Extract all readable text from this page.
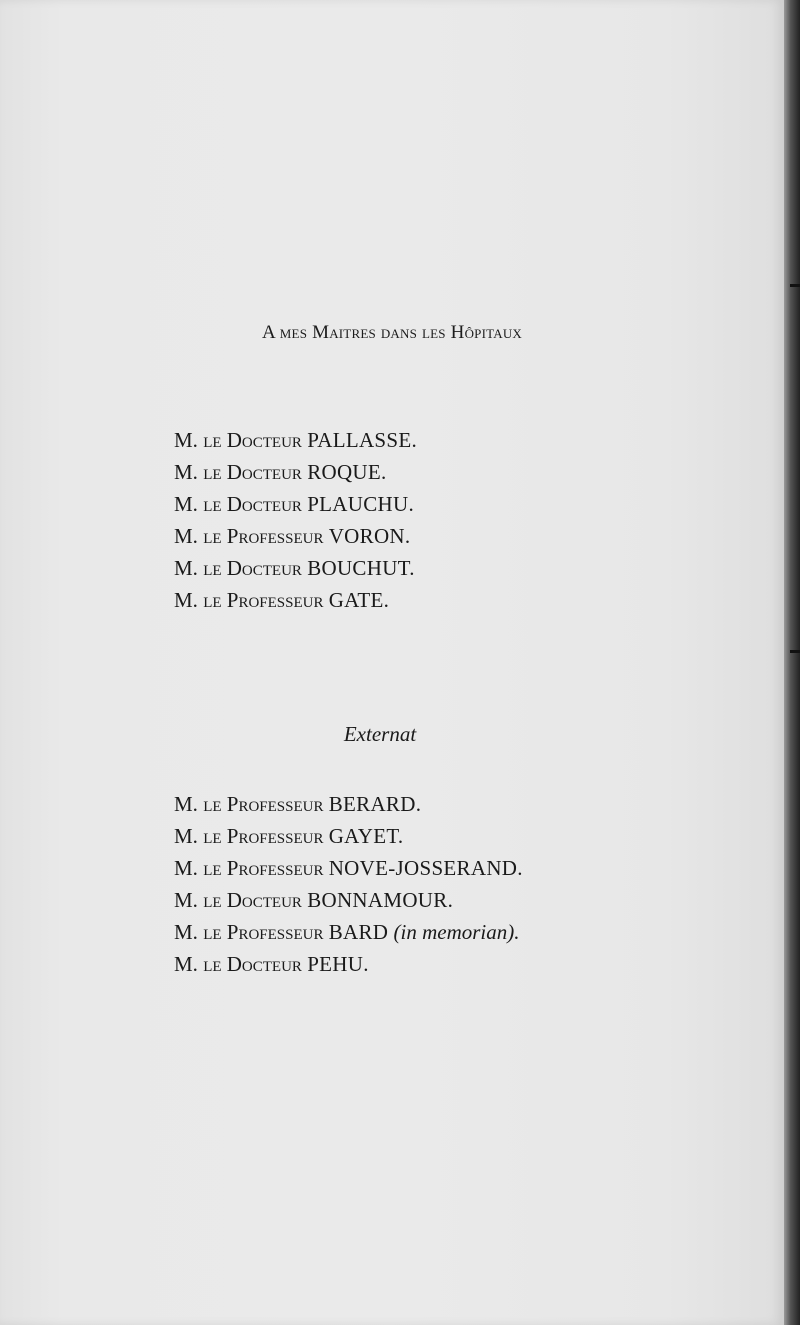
A mes Maitres dans les Hôpitaux
M. le Docteur PALLASSE.
M. le Docteur ROQUE.
M. le Docteur PLAUCHU.
M. le Professeur VORON.
M. le Docteur BOUCHUT.
M. le Professeur GATE.
Externat
M. le Professeur BERARD.
M. le Professeur GAYET.
M. le Professeur NOVE-JOSSERAND.
M. le Docteur BONNAMOUR.
M. le Professeur BARD (in memorian).
M. le Docteur PEHU.
